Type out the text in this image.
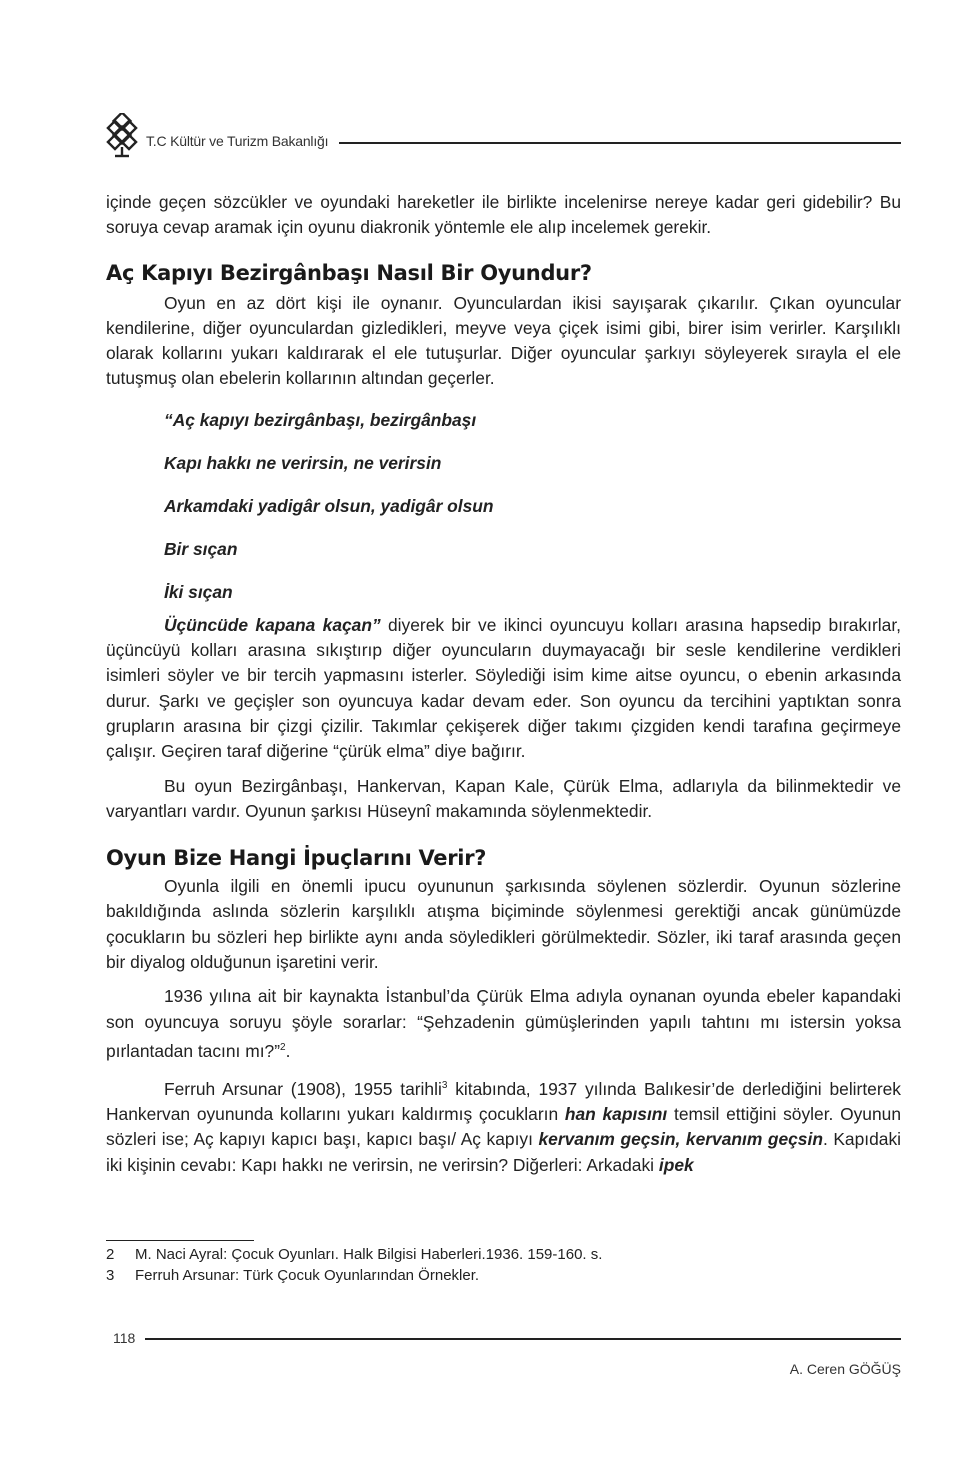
T.C Kültür ve Turizm Bakanlığı

içinde geçen sözcükler ve oyundaki hareketler ile birlikte incelenirse nereye kadar geri gidebilir? Bu soruya cevap aramak için oyunu diakronik yöntemle ele alıp incelemek gerekir.

Aç Kapıyı Bezirgânbaşı Nasıl Bir Oyundur?

Oyun en az dört kişi ile oynanır. Oyunculardan ikisi sayışarak çıkarılır. Çıkan oyuncular kendilerine, diğer oyunculardan gizledikleri, meyve veya çiçek isimi gibi, birer isim verirler. Karşılıklı olarak kollarını yukarı kaldırarak el ele tutuşurlar. Diğer oyuncular şarkıyı söyleyerek sırayla el ele tutuşmuş olan ebelerin kollarının altından geçerler.

“Aç kapıyı bezirgânbaşı, bezirgânbaşı
Kapı hakkı ne verirsin, ne verirsin
Arkamdaki yadigâr olsun, yadigâr olsun
Bir sıçan
İki sıçan

Üçüncüde kapana kaçan” diyerek bir ve ikinci oyuncuyu kolları arasına hapsedip bırakırlar, üçüncüyü kolları arasına sıkıştırıp diğer oyuncuların duymayacağı bir sesle kendilerine verdikleri isimleri söyler ve bir tercih yapmasını isterler. Söylediği isim kime aitse oyuncu, o ebenin arkasında durur. Şarkı ve geçişler son oyuncuya kadar devam eder. Son oyuncu da tercihini yaptıktan sonra grupların arasına bir çizgi çizilir. Takımlar çekişerek diğer takımı çizgiden kendi tarafına geçirmeye çalışır. Geçiren taraf diğerine “çürük elma” diye bağırır.

Bu oyun Bezirgânbaşı, Hankervan, Kapan Kale, Çürük Elma, adlarıyla da bilinmektedir ve varyantları vardır. Oyunun şarkısı Hüseynî makamında söylenmektedir.

Oyun Bize Hangi İpuçlarını Verir?

Oyunla ilgili en önemli ipucu oyununun şarkısında söylenen sözlerdir. Oyunun sözlerine bakıldığında aslında sözlerin karşılıklı atışma biçiminde söylenmesi gerektiği ancak günümüzde çocukların bu sözleri hep birlikte aynı anda söyledikleri görülmektedir. Sözler, iki taraf arasında geçen bir diyalog olduğunun işaretini verir.

1936 yılına ait bir kaynakta İstanbul’da Çürük Elma adıyla oynanan oyunda ebeler kapandaki son oyuncuya soruyu şöyle sorarlar: “Şehzadenin gümüşlerinden yapılı tahtını mı istersin yoksa pırlantadan tacını mı?”$^2$.

Ferruh Arsunar (1908), 1955 tarihli$^3$ kitabında, 1937 yılında Balıkesir’de derlediğini belirterek Hankervan oyununda kollarını yukarı kaldırmış çocukların han kapısını temsil ettiğini söyler. Oyunun sözleri ise; Aç kapıyı kapıcı başı, kapıcı başı/ Aç kapıyı kervanım geçsin, kervanım geçsin. Kapıdaki iki kişinin cevabı: Kapı hakkı ne verirsin, ne verirsin? Diğerleri: Arkadaki ipek

2	M. Naci Ayral: Çocuk Oyunları. Halk Bilgisi Haberleri.1936. 159-160. s.
3	Ferruh Arsunar: Türk Çocuk Oyunlarından Örnekler.
118
A. Ceren GÖĞÜŞ
